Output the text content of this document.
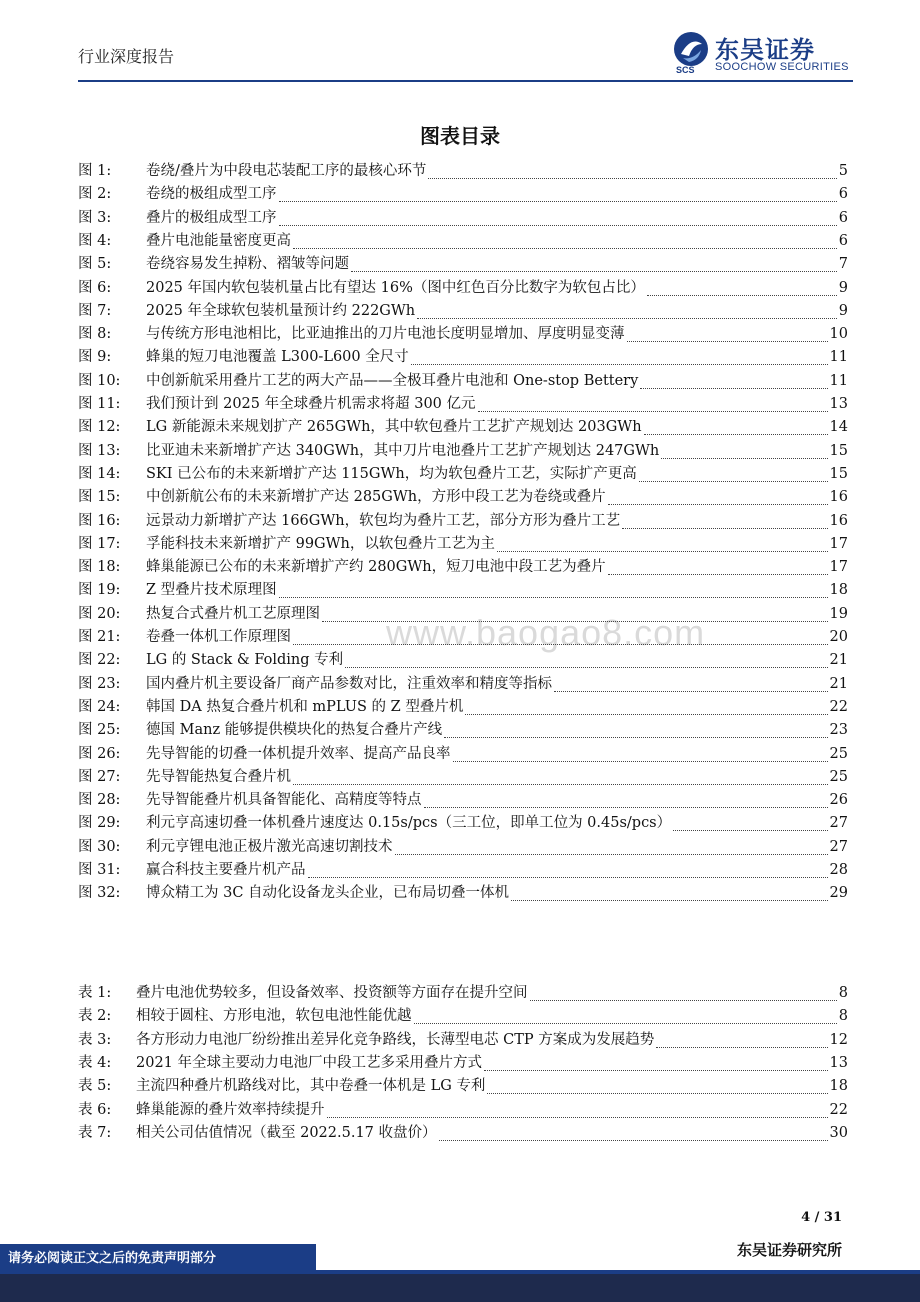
行业深度报告
SCS
东吴证券
SOOCHOW SECURITIES
www.baogao8.com
图表目录
图 1:	卷绕/叠片为中段电芯装配工序的最核心环节	5
图 2:	卷绕的极组成型工序	6
图 3:	叠片的极组成型工序	6
图 4:	叠片电池能量密度更高	6
图 5:	卷绕容易发生掉粉、褶皱等问题	7
图 6:	2025 年国内软包装机量占比有望达 16%（图中红色百分比数字为软包占比）	9
图 7:	2025 年全球软包装机量预计约 222GWh	9
图 8:	与传统方形电池相比，比亚迪推出的刀片电池长度明显增加、厚度明显变薄	10
图 9:	蜂巢的短刀电池覆盖 L300-L600 全尺寸	11
图 10:	中创新航采用叠片工艺的两大产品——全极耳叠片电池和 One-stop Bettery	11
图 11:	我们预计到 2025 年全球叠片机需求将超 300 亿元	13
图 12:	LG 新能源未来规划扩产 265GWh，其中软包叠片工艺扩产规划达 203GWh	14
图 13:	比亚迪未来新增扩产达 340GWh，其中刀片电池叠片工艺扩产规划达 247GWh	15
图 14:	SKI 已公布的未来新增扩产达 115GWh，均为软包叠片工艺，实际扩产更高	15
图 15:	中创新航公布的未来新增扩产达 285GWh，方形中段工艺为卷绕或叠片	16
图 16:	远景动力新增扩产达 166GWh，软包均为叠片工艺，部分方形为叠片工艺	16
图 17:	孚能科技未来新增扩产 99GWh，以软包叠片工艺为主	17
图 18:	蜂巢能源已公布的未来新增扩产约 280GWh，短刀电池中段工艺为叠片	17
图 19:	Z 型叠片技术原理图	18
图 20:	热复合式叠片机工艺原理图	19
图 21:	卷叠一体机工作原理图	20
图 22:	LG 的 Stack & Folding 专利	21
图 23:	国内叠片机主要设备厂商产品参数对比，注重效率和精度等指标	21
图 24:	韩国 DA 热复合叠片机和 mPLUS 的 Z 型叠片机	22
图 25:	德国 Manz 能够提供模块化的热复合叠片产线	23
图 26:	先导智能的切叠一体机提升效率、提高产品良率	25
图 27:	先导智能热复合叠片机	25
图 28:	先导智能叠片机具备智能化、高精度等特点	26
图 29:	利元亨高速切叠一体机叠片速度达 0.15s/pcs（三工位，即单工位为 0.45s/pcs）	27
图 30:	利元亨锂电池正极片激光高速切割技术	27
图 31:	赢合科技主要叠片机产品	28
图 32:	博众精工为 3C 自动化设备龙头企业，已布局切叠一体机	29
表 1:	叠片电池优势较多，但设备效率、投资额等方面存在提升空间	8
表 2:	相较于圆柱、方形电池，软包电池性能优越	8
表 3:	各方形动力电池厂纷纷推出差异化竞争路线，长薄型电芯 CTP 方案成为发展趋势	12
表 4:	2021 年全球主要动力电池厂中段工艺多采用叠片方式	13
表 5:	主流四种叠片机路线对比，其中卷叠一体机是 LG 专利	18
表 6:	蜂巢能源的叠片效率持续提升	22
表 7:	相关公司估值情况（截至 2022.5.17 收盘价）	30
4 / 31
东吴证券研究所
请务必阅读正文之后的免责声明部分
